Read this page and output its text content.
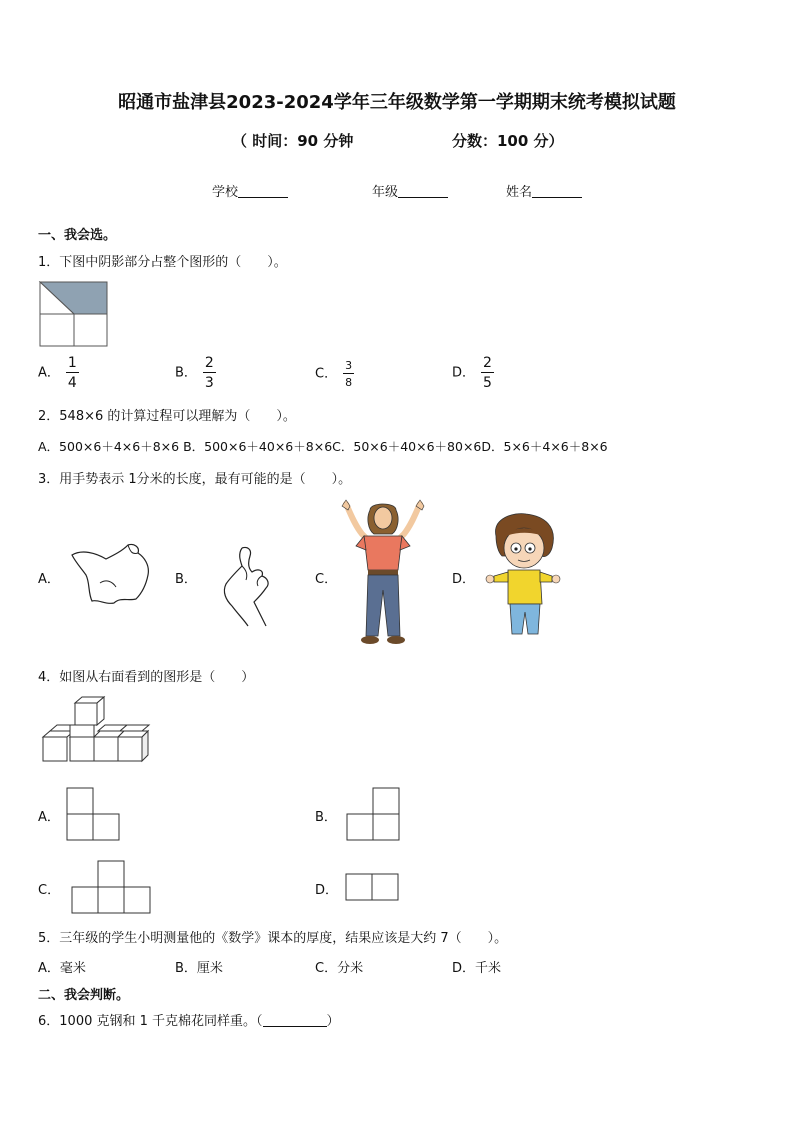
昭通市盐津县2023-2024学年三年级数学第一学期期末统考模拟试题
（ 时间：90 分钟	分数：100 分）
学校	年级	姓名
一、我会选。
1．下图中阴影部分占整个图形的（　　）。
A． $\frac{1}{4}$	B． $\frac{2}{3}$	C． $\frac{3}{8}$	D． $\frac{2}{5}$
2．548×6 的计算过程可以理解为（　　）。
A．500×6＋4×6＋8×6 B．500×6＋40×6＋8×6C．50×6＋40×6＋80×6D．5×6＋4×6＋8×6
3．用手势表示 1分米的长度，最有可能的是（　　）。
A．	B．	C．	D．
4．如图从右面看到的图形是（　　）
A．	B．
C．	D．
5．三年级的学生小明测量他的《数学》课本的厚度，结果应该是大约 7（　　）。
A．毫米	B．厘米	C．分米	D．千米
二、我会判断。
6．1000 克钢和 1 千克棉花同样重。（	）
